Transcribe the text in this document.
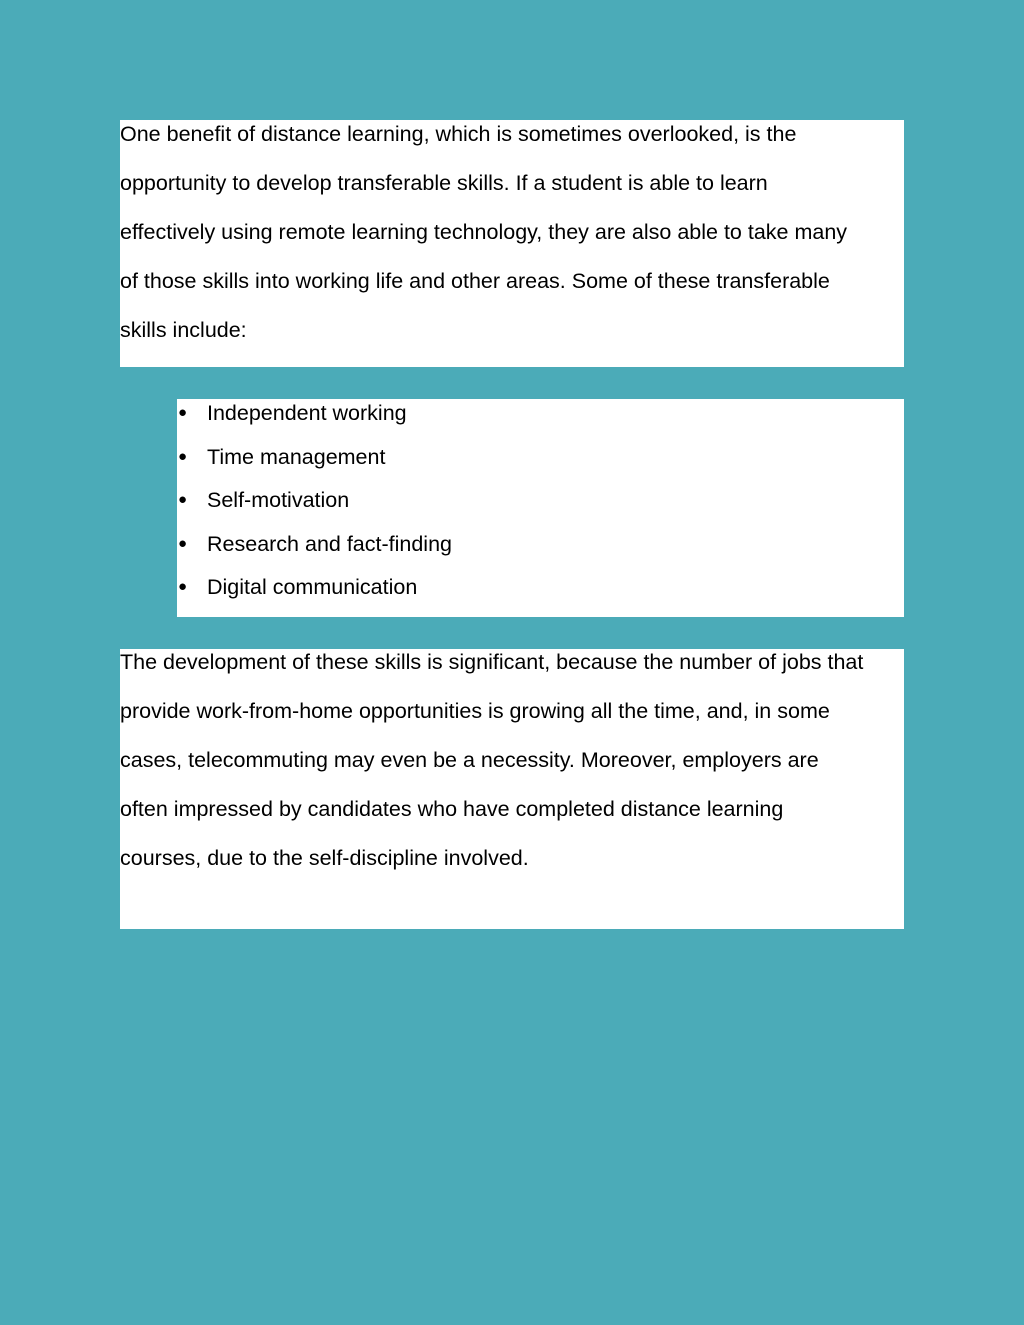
One benefit of distance learning, which is sometimes overlooked, is the
opportunity to develop transferable skills. If a student is able to learn
effectively using remote learning technology, they are also able to take many
of those skills into working life and other areas. Some of these transferable
skills include:

● Independent working
● Time management
● Self-motivation
● Research and fact-finding
● Digital communication
The development of these skills is significant, because the number of jobs that
provide work-from-home opportunities is growing all the time, and, in some
cases, telecommuting may even be a necessity. Moreover, employers are
often impressed by candidates who have completed distance learning
courses, due to the self-discipline involved.
